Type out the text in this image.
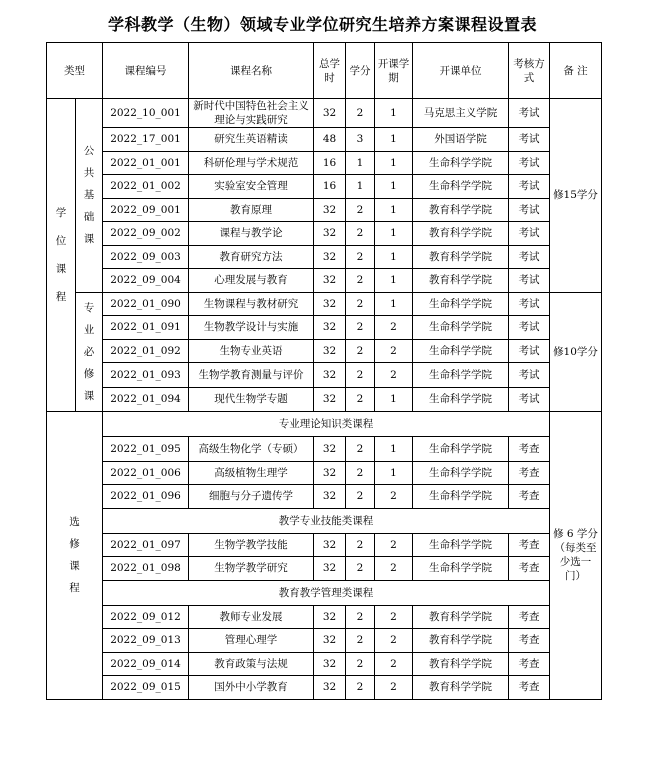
学科教学（生物）领域专业学位研究生培养方案课程设置表
类型		课程编号	课程名称	总学时	学分	开课学期	开课单位	考核方式	备 注
学位课程	公共基础课	2022_10_001	新时代中国特色社会主义理论与实践研究	32	2	1	马克思主义学院	考试	修15学分
		2022_17_001	研究生英语精读	48	3	1	外国语学院	考试	
		2022_01_001	科研伦理与学术规范	16	1	1	生命科学学院	考试	
		2022_01_002	实验室安全管理	16	1	1	生命科学学院	考试	
		2022_09_001	教育原理	32	2	1	教育科学学院	考试	
		2022_09_002	课程与教学论	32	2	1	教育科学学院	考试	
		2022_09_003	教育研究方法	32	2	1	教育科学学院	考试	
		2022_09_004	心理发展与教育	32	2	1	教育科学学院	考试	
	专业必修课	2022_01_090	生物课程与教材研究	32	2	1	生命科学学院	考试	修10学分
		2022_01_091	生物教学设计与实施	32	2	2	生命科学学院	考试	
		2022_01_092	生物专业英语	32	2	2	生命科学学院	考试	
		2022_01_093	生物学教育测量与评价	32	2	2	生命科学学院	考试	
		2022_01_094	现代生物学专题	32	2	1	生命科学学院	考试	
选修课程		专业理论知识类课程							修 6 学分（每类至少选一门）
		2022_01_095	高级生物化学（专硕）	32	2	1	生命科学学院	考查	
		2022_01_006	高级植物生理学	32	2	1	生命科学学院	考查	
		2022_01_096	细胞与分子遗传学	32	2	2	生命科学学院	考查	
		教学专业技能类课程							
		2022_01_097	生物学教学技能	32	2	2	生命科学学院	考查	
		2022_01_098	生物学教学研究	32	2	2	生命科学学院	考查	
		教育教学管理类课程							
		2022_09_012	教师专业发展	32	2	2	教育科学学院	考查	
		2022_09_013	管理心理学	32	2	2	教育科学学院	考查	
		2022_09_014	教育政策与法规	32	2	2	教育科学学院	考查	
		2022_09_015	国外中小学教育	32	2	2	教育科学学院	考查	
